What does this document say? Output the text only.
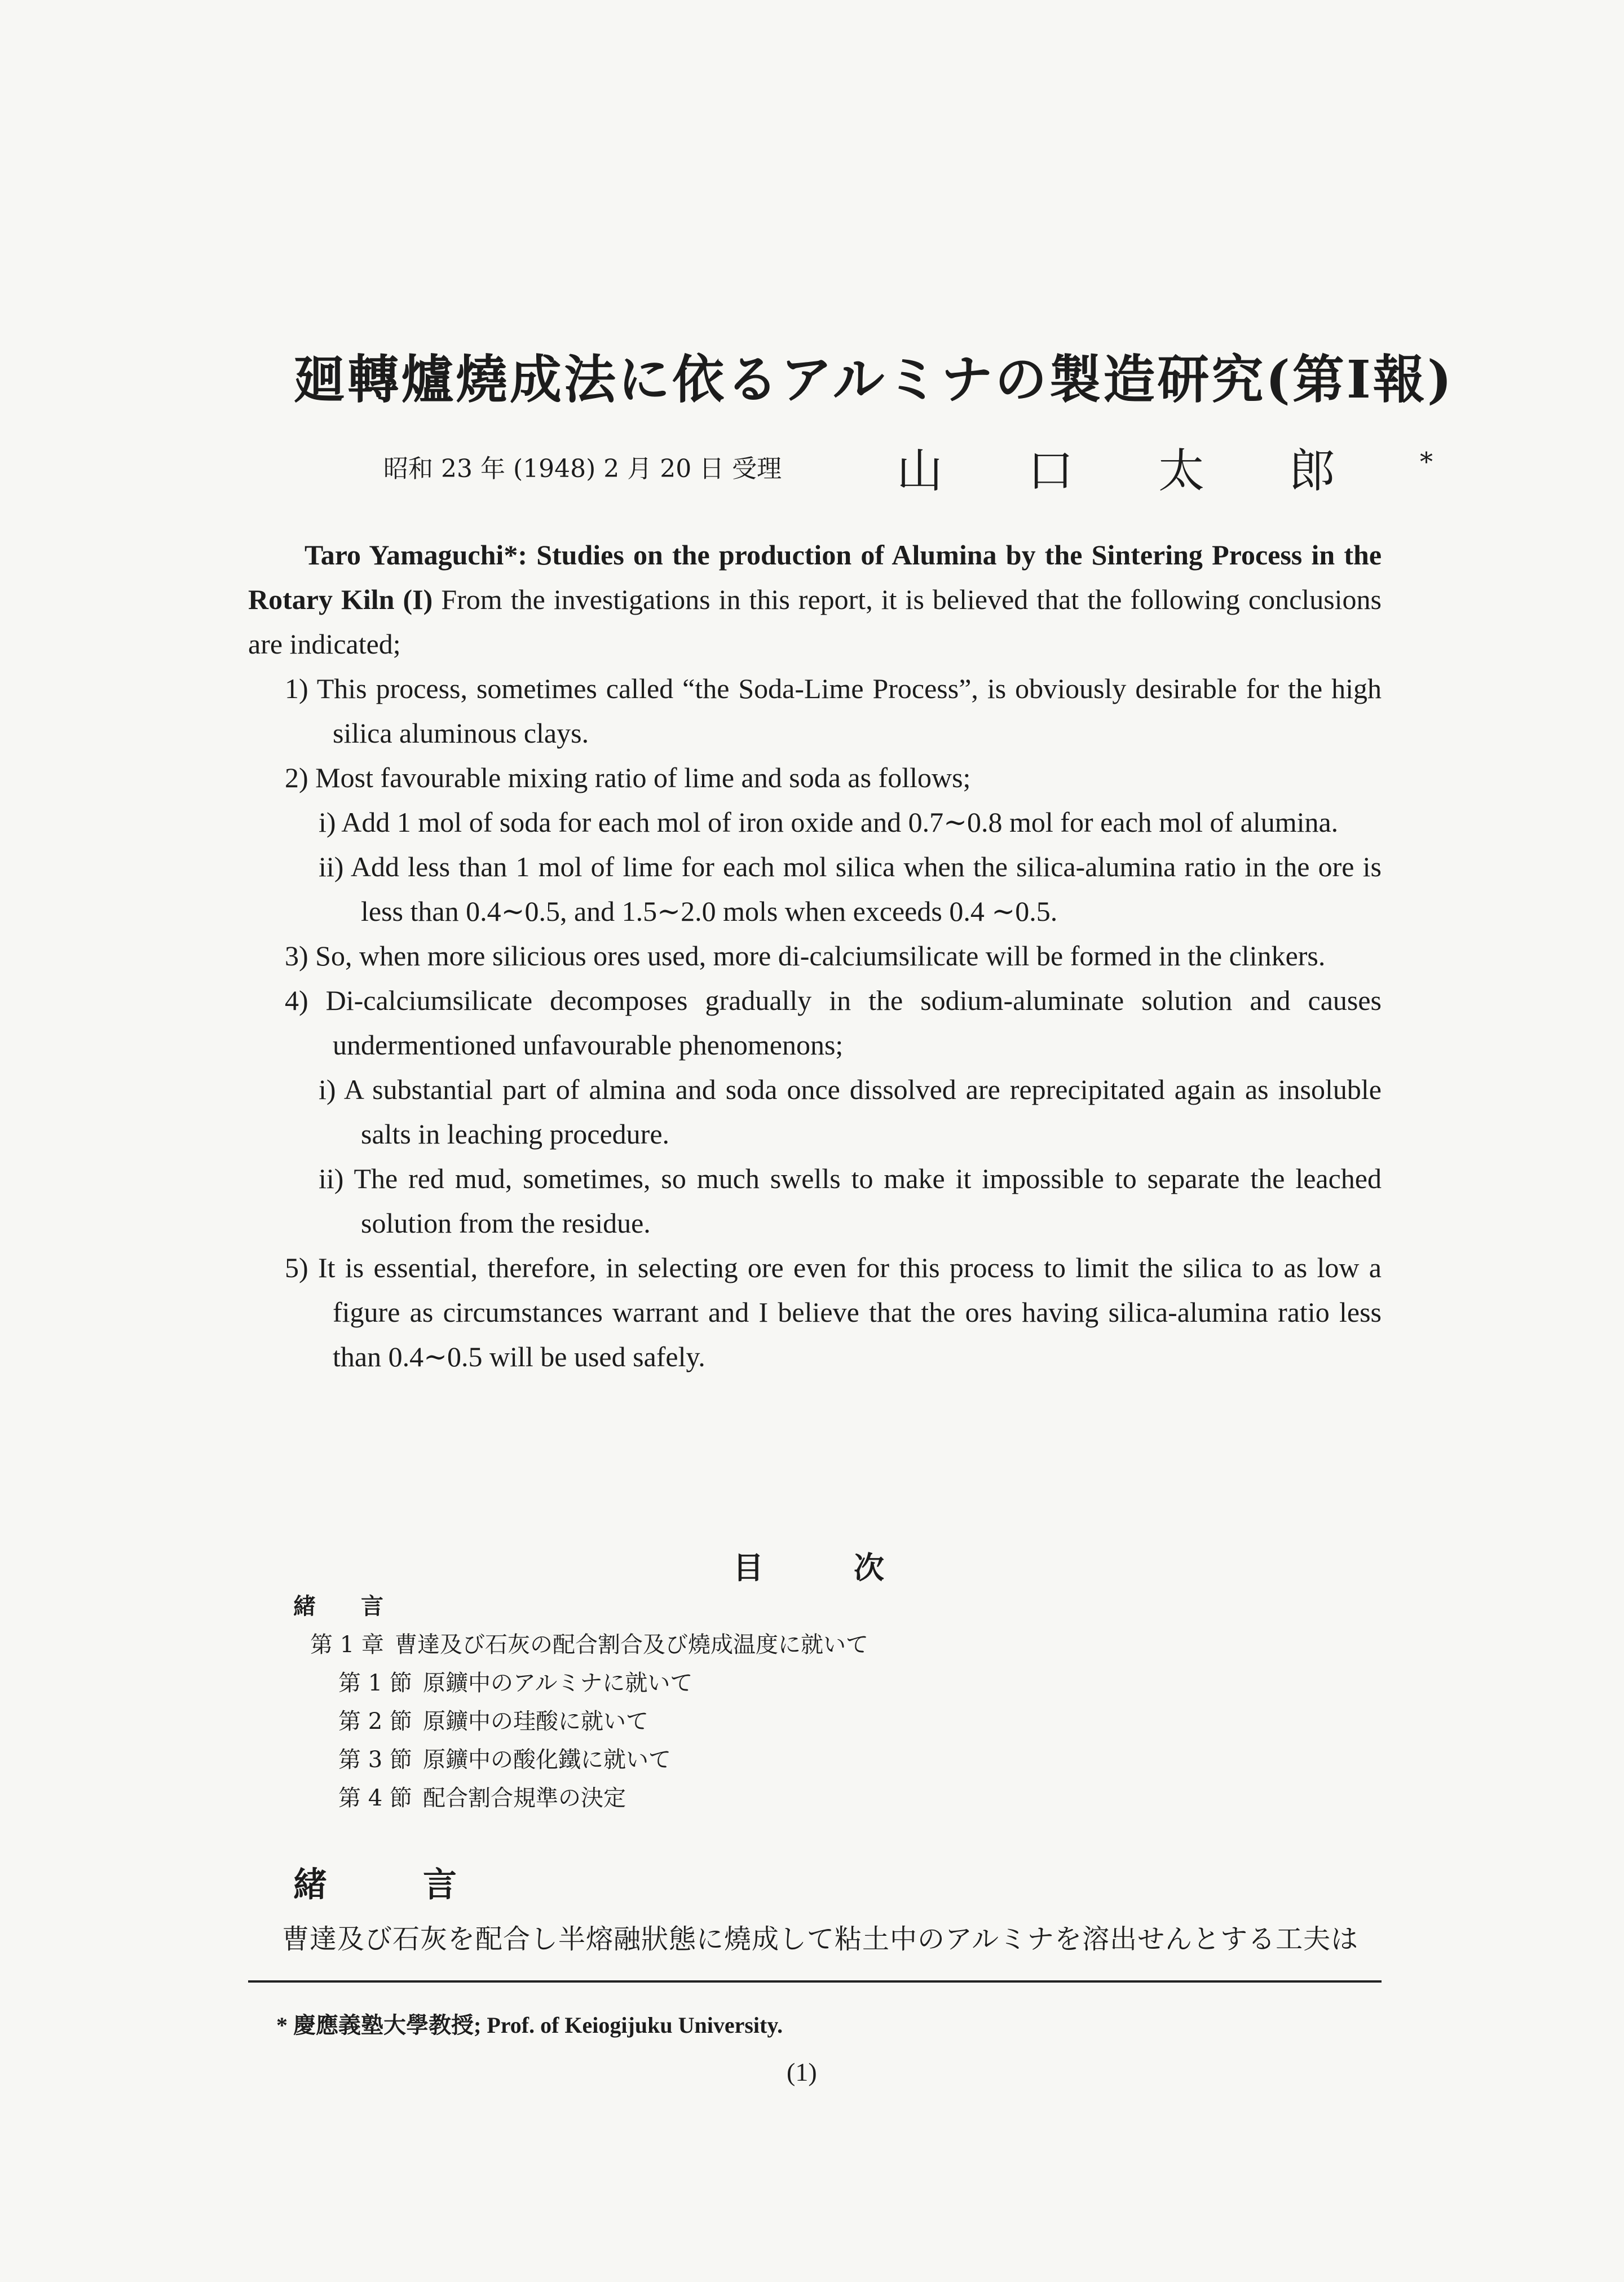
廻轉爐燒成法に依るアルミナの製造研究(第I報)
昭和 23 年 (1948) 2 月 20 日 受理 山口太郎*

Taro Yamaguchi*: Studies on the production of Alumina by the Sintering Process in the Rotary Kiln (I) From the investigations in this report, it is believed that the following conclusions are indicated;

1) This process, sometimes called “the Soda-Lime Process”, is obviously desirable for the high silica aluminous clays.

2) Most favourable mixing ratio of lime and soda as follows;

i) Add 1 mol of soda for each mol of iron oxide and 0.7∼0.8 mol for each mol of alumina.

ii) Add less than 1 mol of lime for each mol silica when the silica-alumina ratio in the ore is less than 0.4∼0.5, and 1.5∼2.0 mols when exceeds 0.4 ∼0.5.

3) So, when more silicious ores used, more di-calciumsilicate will be formed in the clinkers.

4) Di-calciumsilicate decomposes gradually in the sodium-aluminate solution and causes undermentioned unfavourable phenomenons;

i) A substantial part of almina and soda once dissolved are reprecipitated again as insoluble salts in leaching procedure.

ii) The red mud, sometimes, so much swells to make it impossible to separate the leached solution from the residue.

5) It is essential, therefore, in selecting ore even for this process to limit the silica to as low a figure as circumstances warrant and I believe that the ores having silica-alumina ratio less than 0.4∼0.5 will be used safely.

目次
緒言
第 1 章 曹達及び石灰の配合割合及び燒成温度に就いて
第 1 節 原鑛中のアルミナに就いて
第 2 節 原鑛中の珪酸に就いて
第 3 節 原鑛中の酸化鐵に就いて
第 4 節 配合割合規準の決定
緒言
曹達及び石灰を配合し半熔融狀態に燒成して粘土中のアルミナを溶出せんとする工夫は
* 慶應義塾大學教授; Prof. of Keiogijuku University.
(1)
